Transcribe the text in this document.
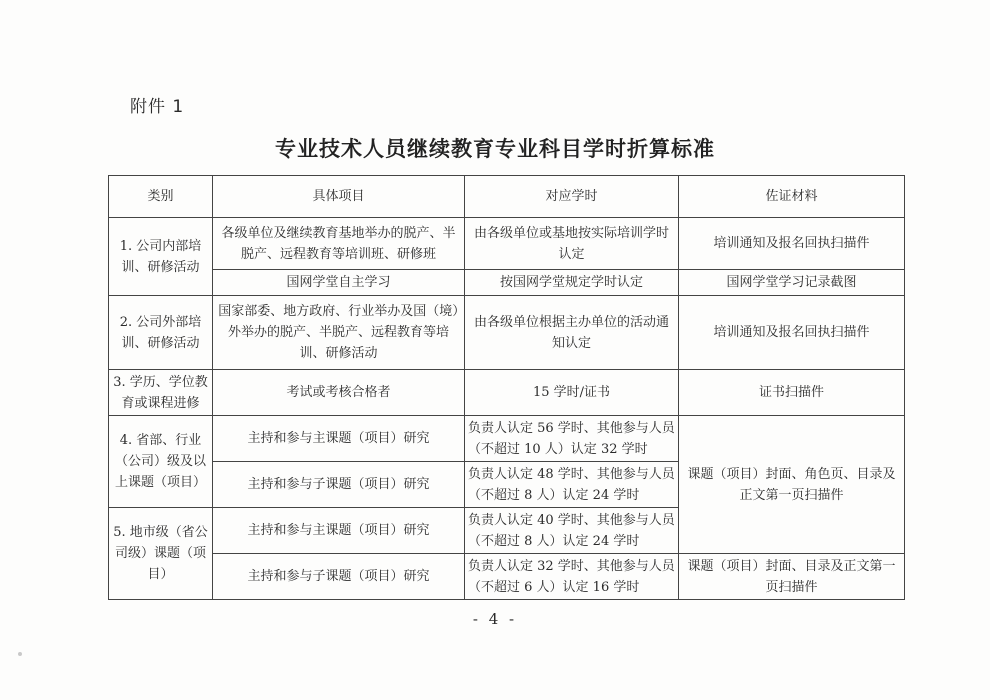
附件 1
专业技术人员继续教育专业科目学时折算标准
类别	具体项目	对应学时	佐证材料
1. 公司内部培训、研修活动	各级单位及继续教育基地举办的脱产、半脱产、远程教育等培训班、研修班	由各级单位或基地按实际培训学时认定	培训通知及报名回执扫描件
	国网学堂自主学习	按国网学堂规定学时认定	国网学堂学习记录截图
2. 公司外部培训、研修活动	国家部委、地方政府、行业举办及国（境）外举办的脱产、半脱产、远程教育等培训、研修活动	由各级单位根据主办单位的活动通知认定	培训通知及报名回执扫描件
3. 学历、学位教育或课程进修	考试或考核合格者	15 学时/证书	证书扫描件
4. 省部、行业（公司）级及以上课题（项目）	主持和参与主课题（项目）研究	负责人认定 56 学时、其他参与人员（不超过 10 人）认定 32 学时	课题（项目）封面、角色页、目录及正文第一页扫描件
	主持和参与子课题（项目）研究	负责人认定 48 学时、其他参与人员（不超过 8 人）认定 24 学时	
5. 地市级（省公司级）课题（项目）	主持和参与主课题（项目）研究	负责人认定 40 学时、其他参与人员（不超过 8 人）认定 24 学时	
	主持和参与子课题（项目）研究	负责人认定 32 学时、其他参与人员（不超过 6 人）认定 16 学时	课题（项目）封面、目录及正文第一页扫描件
- 4 -
